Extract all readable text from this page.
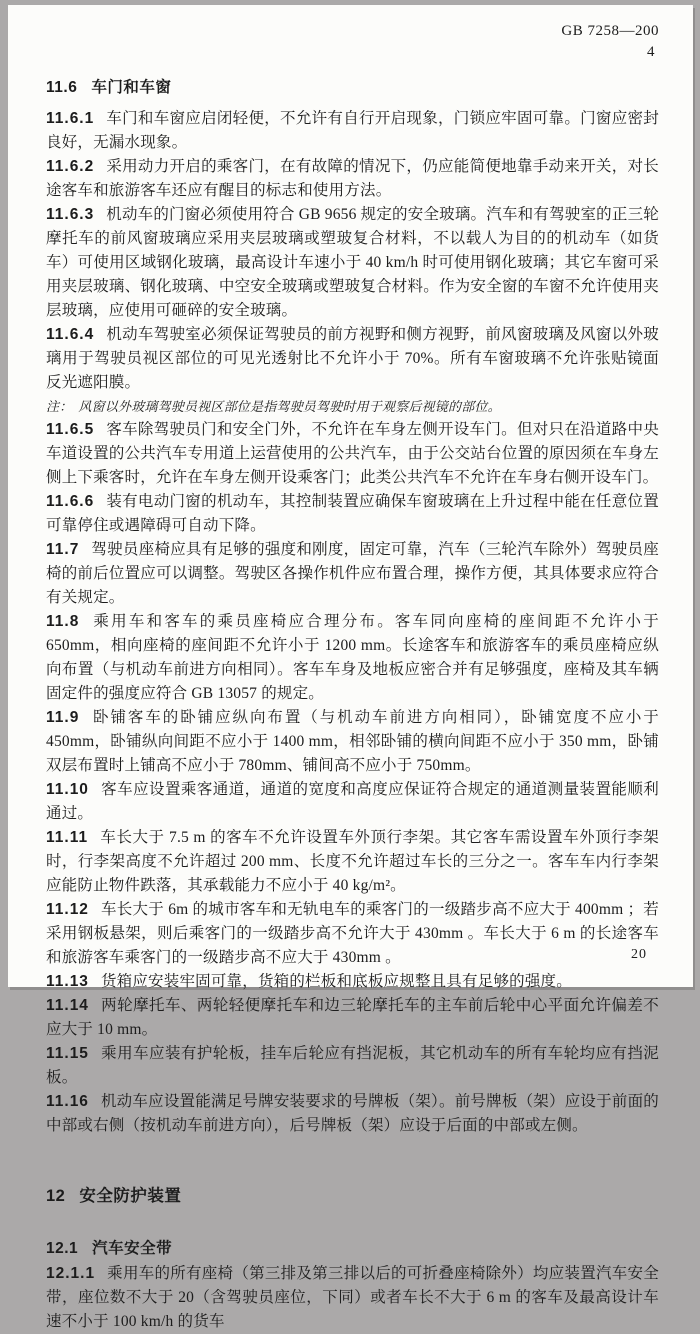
GB 7258—200
4
11.6 车门和车窗

11.6.1 车门和车窗应启闭轻便，不允许有自行开启现象，门锁应牢固可靠。门窗应密封良好，无漏水现象。

11.6.2 采用动力开启的乘客门，在有故障的情况下，仍应能简便地靠手动来开关，对长途客车和旅游客车还应有醒目的标志和使用方法。

11.6.3 机动车的门窗必须使用符合 GB 9656 规定的安全玻璃。汽车和有驾驶室的正三轮摩托车的前风窗玻璃应采用夹层玻璃或塑玻复合材料，不以载人为目的的机动车（如货车）可使用区域钢化玻璃，最高设计车速小于 40 km/h 时可使用钢化玻璃；其它车窗可采用夹层玻璃、钢化玻璃、中空安全玻璃或塑玻复合材料。作为安全窗的车窗不允许使用夹层玻璃，应使用可砸碎的安全玻璃。

11.6.4 机动车驾驶室必须保证驾驶员的前方视野和侧方视野，前风窗玻璃及风窗以外玻璃用于驾驶员视区部位的可见光透射比不允许小于 70%。所有车窗玻璃不允许张贴镜面反光遮阳膜。

注： 风窗以外玻璃驾驶员视区部位是指驾驶员驾驶时用于观察后视镜的部位。

11.6.5 客车除驾驶员门和安全门外，不允许在车身左侧开设车门。但对只在沿道路中央车道设置的公共汽车专用道上运营使用的公共汽车，由于公交站台位置的原因须在车身左侧上下乘客时，允许在车身左侧开设乘客门；此类公共汽车不允许在车身右侧开设车门。

11.6.6 装有电动门窗的机动车，其控制装置应确保车窗玻璃在上升过程中能在任意位置可靠停住或遇障碍可自动下降。

11.7 驾驶员座椅应具有足够的强度和刚度，固定可靠，汽车（三轮汽车除外）驾驶员座椅的前后位置应可以调整。驾驶区各操作机件应布置合理，操作方便，其具体要求应符合有关规定。

11.8 乘用车和客车的乘员座椅应合理分布。客车同向座椅的座间距不允许小于 650mm，相向座椅的座间距不允许小于 1200 mm。长途客车和旅游客车的乘员座椅应纵向布置（与机动车前进方向相同）。客车车身及地板应密合并有足够强度，座椅及其车辆固定件的强度应符合 GB 13057 的规定。

11.9 卧铺客车的卧铺应纵向布置（与机动车前进方向相同），卧铺宽度不应小于 450mm，卧铺纵向间距不应小于 1400 mm，相邻卧铺的横向间距不应小于 350 mm，卧铺双层布置时上铺高不应小于 780mm、铺间高不应小于 750mm。

11.10 客车应设置乘客通道，通道的宽度和高度应保证符合规定的通道测量装置能顺利通过。

11.11 车长大于 7.5 m 的客车不允许设置车外顶行李架。其它客车需设置车外顶行李架时，行李架高度不允许超过 200 mm、长度不允许超过车长的三分之一。客车车内行李架应能防止物件跌落，其承载能力不应小于 40 kg/m²。

11.12 车长大于 6m 的城市客车和无轨电车的乘客门的一级踏步高不应大于 400mm ；若采用钢板悬架，则后乘客门的一级踏步高不允许大于 430mm 。车长大于 6 m 的长途客车和旅游客车乘客门的一级踏步高不应大于 430mm 。

11.13 货箱应安装牢固可靠，货箱的栏板和底板应规整且具有足够的强度。

11.14 两轮摩托车、两轮轻便摩托车和边三轮摩托车的主车前后轮中心平面允许偏差不应大于 10 mm。

11.15 乘用车应装有护轮板，挂车后轮应有挡泥板，其它机动车的所有车轮均应有挡泥板。

11.16 机动车应设置能满足号牌安装要求的号牌板（架）。前号牌板（架）应设于前面的中部或右侧（按机动车前进方向），后号牌板（架）应设于后面的中部或左侧。

12 安全防护装置
12.1 汽车安全带

12.1.1 乘用车的所有座椅（第三排及第三排以后的可折叠座椅除外）均应装置汽车安全带，座位数不大于 20（含驾驶员座位，下同）或者车长不大于 6 m 的客车及最高设计车速不小于 100 km/h 的货车

20
